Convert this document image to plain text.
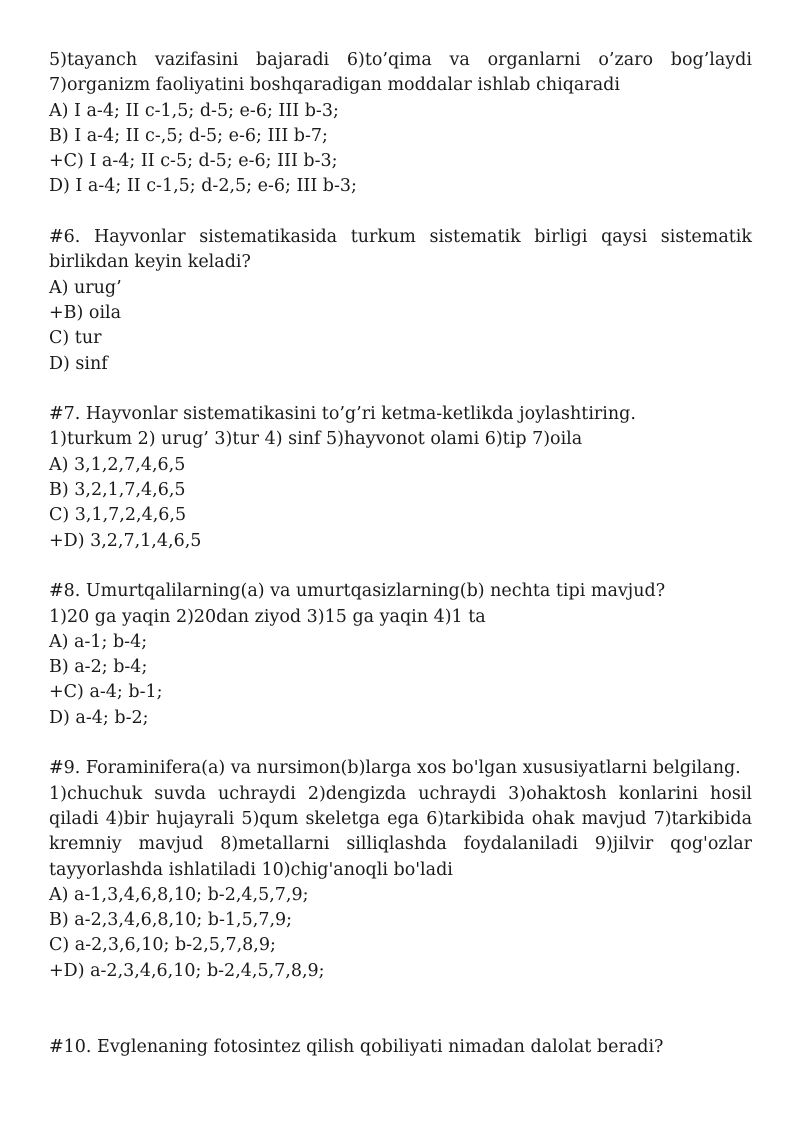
5)tayanch vazifasini bajaradi 6)to’qima va organlarni o’zaro bog’laydi
7)organizm faoliyatini boshqaradigan moddalar ishlab chiqaradi
A) I a-4; II c-1,5; d-5; e-6; III b-3;
B) I a-4; II c-,5; d-5; e-6; III b-7;
+C) I a-4; II c-5; d-5; e-6; III b-3;
D) I a-4; II c-1,5; d-2,5; e-6; III b-3;
#6. Hayvonlar sistematikasida turkum sistematik birligi qaysi sistematik
birlikdan keyin keladi?
A) urug’
+B) oila
C) tur
D) sinf
#7. Hayvonlar sistematikasini to’g’ri ketma-ketlikda joylashtiring.
1)turkum 2) urug’ 3)tur 4) sinf 5)hayvonot olami 6)tip 7)oila
A) 3,1,2,7,4,6,5
B) 3,2,1,7,4,6,5
C) 3,1,7,2,4,6,5
+D) 3,2,7,1,4,6,5
#8. Umurtqalilarning(a) va umurtqasizlarning(b) nechta tipi mavjud?
1)20 ga yaqin 2)20dan ziyod 3)15 ga yaqin 4)1 ta
A) a-1; b-4;
B) a-2; b-4;
+C) a-4; b-1;
D) a-4; b-2;
#9. Foraminifera(a) va nursimon(b)larga xos bo'lgan xususiyatlarni belgilang.
1)chuchuk suvda uchraydi 2)dengizda uchraydi 3)ohaktosh konlarini hosil
qiladi 4)bir hujayrali 5)qum skeletga ega 6)tarkibida ohak mavjud 7)tarkibida
kremniy mavjud 8)metallarni silliqlashda foydalaniladi 9)jilvir qog'ozlar
tayyorlashda ishlatiladi 10)chig'anoqli bo'ladi
A) a-1,3,4,6,8,10; b-2,4,5,7,9;
B) a-2,3,4,6,8,10; b-1,5,7,9;
C) a-2,3,6,10; b-2,5,7,8,9;
+D) a-2,3,4,6,10; b-2,4,5,7,8,9;
#10. Evglenaning fotosintez qilish qobiliyati nimadan dalolat beradi?
